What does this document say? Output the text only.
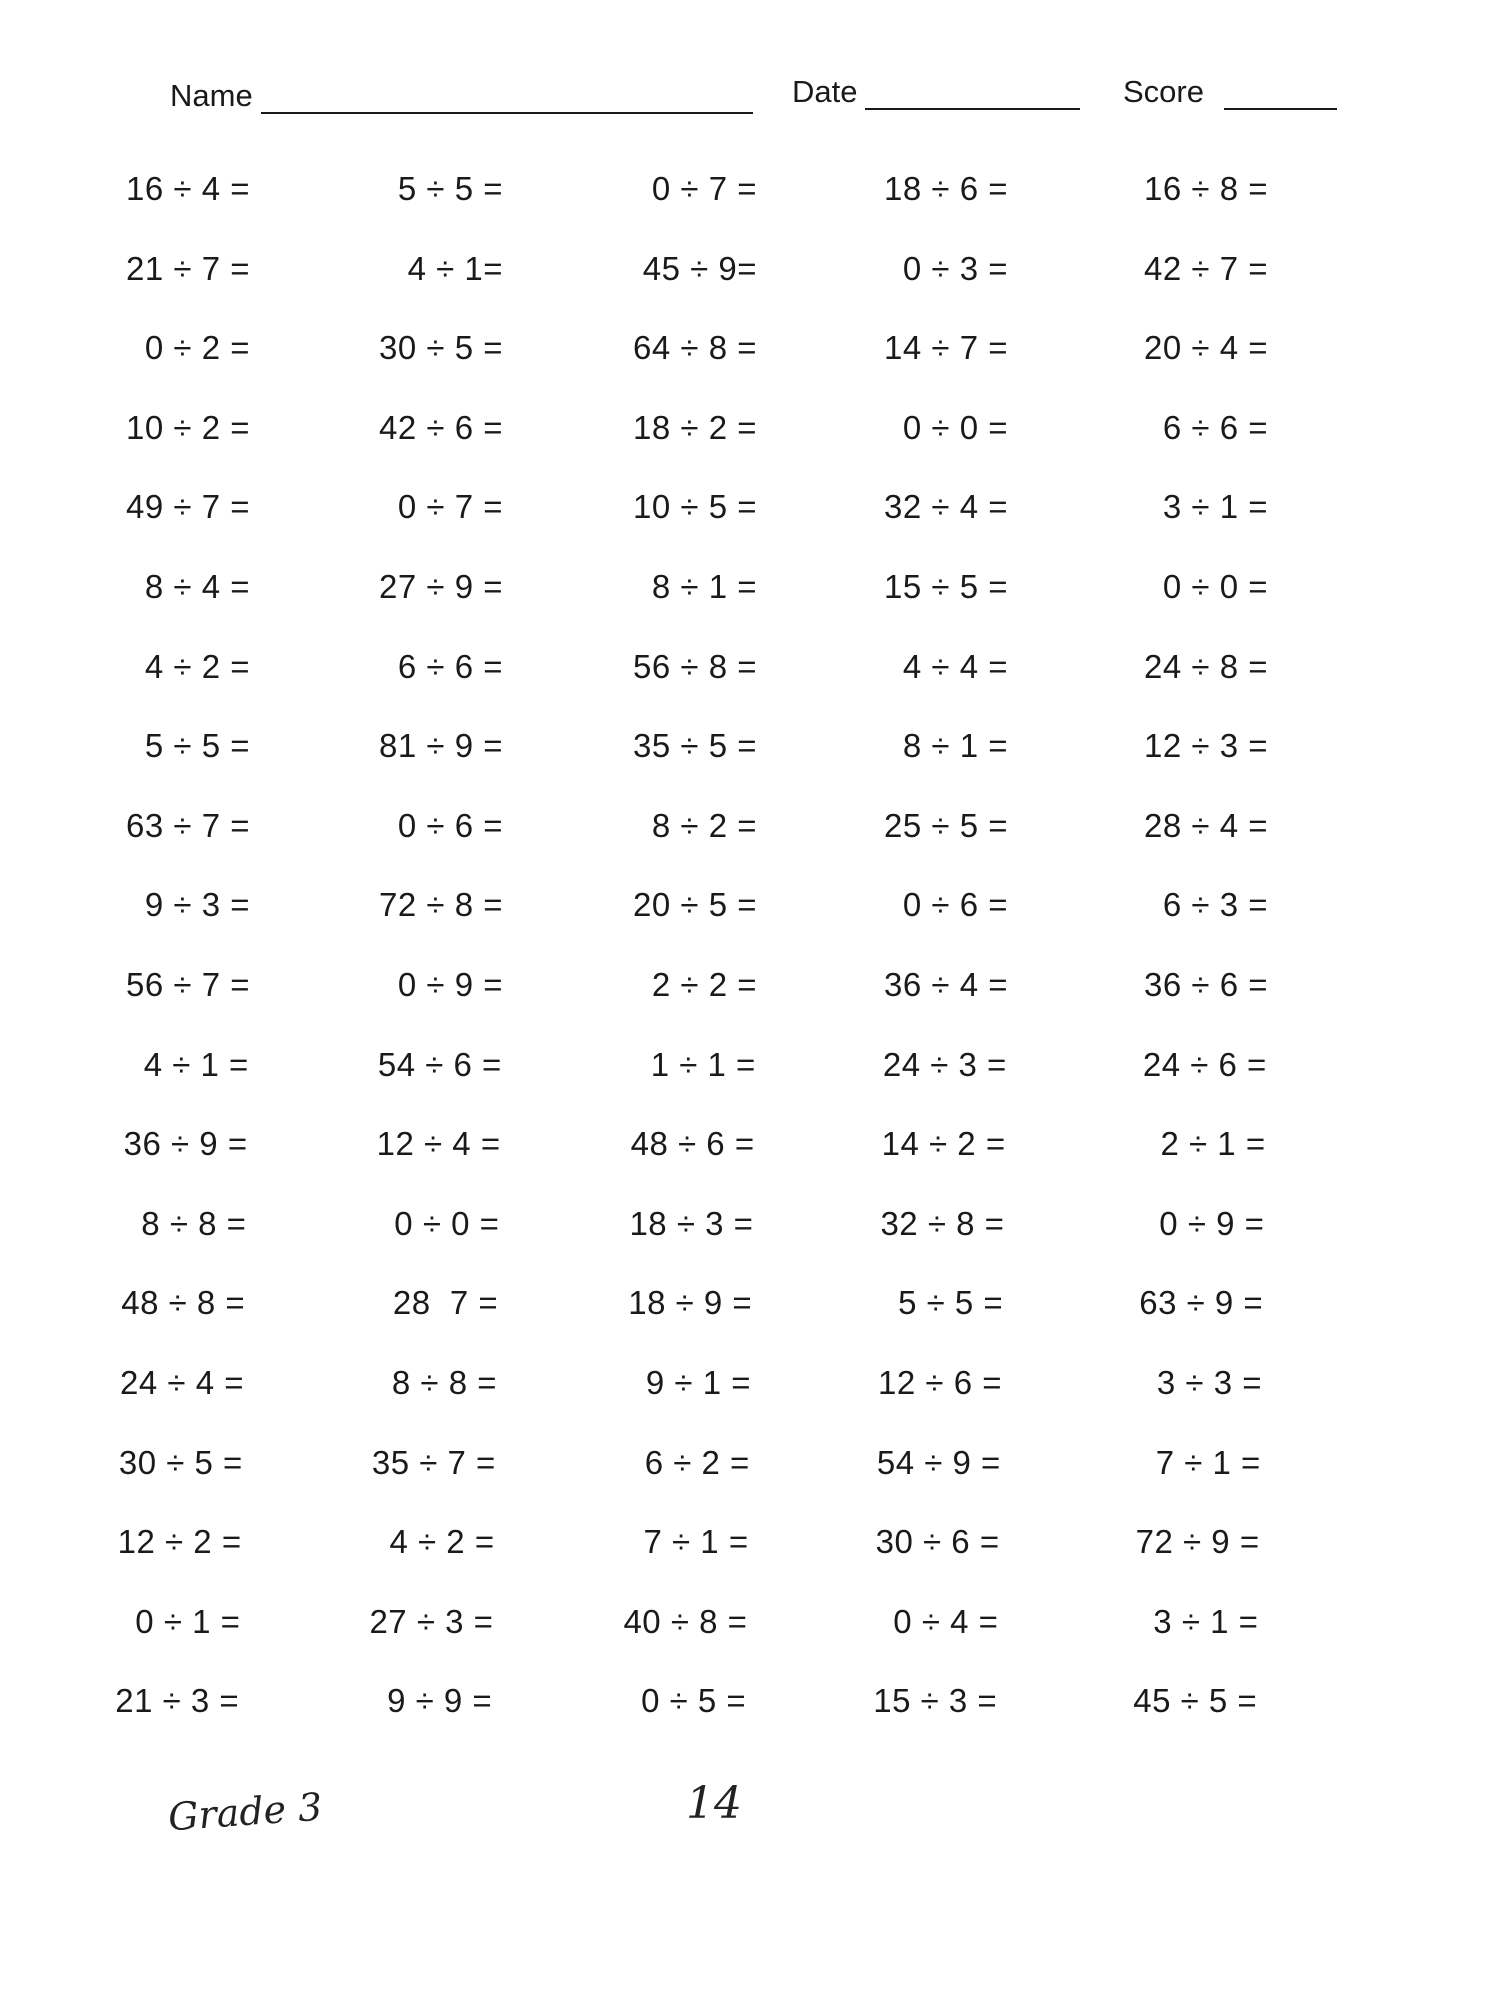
Name	Date	Score
16 ÷ 4 =	5 ÷ 5 =	0 ÷ 7 =	18 ÷ 6 =	16 ÷ 8 =
21 ÷ 7 =	4 ÷ 1=	45 ÷ 9=	0 ÷ 3 =	42 ÷ 7 =
0 ÷ 2 =	30 ÷ 5 =	64 ÷ 8 =	14 ÷ 7 =	20 ÷ 4 =
10 ÷ 2 =	42 ÷ 6 =	18 ÷ 2 =	0 ÷ 0 =	6 ÷ 6 =
49 ÷ 7 =	0 ÷ 7 =	10 ÷ 5 =	32 ÷ 4 =	3 ÷ 1 =
8 ÷ 4 =	27 ÷ 9 =	8 ÷ 1 =	15 ÷ 5 =	0 ÷ 0 =
4 ÷ 2 =	6 ÷ 6 =	56 ÷ 8 =	4 ÷ 4 =	24 ÷ 8 =
5 ÷ 5 =	81 ÷ 9 =	35 ÷ 5 =	8 ÷ 1 =	12 ÷ 3 =
63 ÷ 7 =	0 ÷ 6 =	8 ÷ 2 =	25 ÷ 5 =	28 ÷ 4 =
9 ÷ 3 =	72 ÷ 8 =	20 ÷ 5 =	0 ÷ 6 =	6 ÷ 3 =
56 ÷ 7 =	0 ÷ 9 =	2 ÷ 2 =	36 ÷ 4 =	36 ÷ 6 =
4 ÷ 1 =	54 ÷ 6 =	1 ÷ 1 =	24 ÷ 3 =	24 ÷ 6 =
36 ÷ 9 =	12 ÷ 4 =	48 ÷ 6 =	14 ÷ 2 =	2 ÷ 1 =
8 ÷ 8 =	0 ÷ 0 =	18 ÷ 3 =	32 ÷ 8 =	0 ÷ 9 =
48 ÷ 8 =	28  7 =	18 ÷ 9 =	5 ÷ 5 =	63 ÷ 9 =
24 ÷ 4 =	8 ÷ 8 =	9 ÷ 1 =	12 ÷ 6 =	3 ÷ 3 =
30 ÷ 5 =	35 ÷ 7 =	6 ÷ 2 =	54 ÷ 9 =	7 ÷ 1 =
12 ÷ 2 =	4 ÷ 2 =	7 ÷ 1 =	30 ÷ 6 =	72 ÷ 9 =
0 ÷ 1 =	27 ÷ 3 =	40 ÷ 8 =	0 ÷ 4 =	3 ÷ 1 =
21 ÷ 3 =	9 ÷ 9 =	0 ÷ 5 =	15 ÷ 3 =	45 ÷ 5 =
Grade 3	14
